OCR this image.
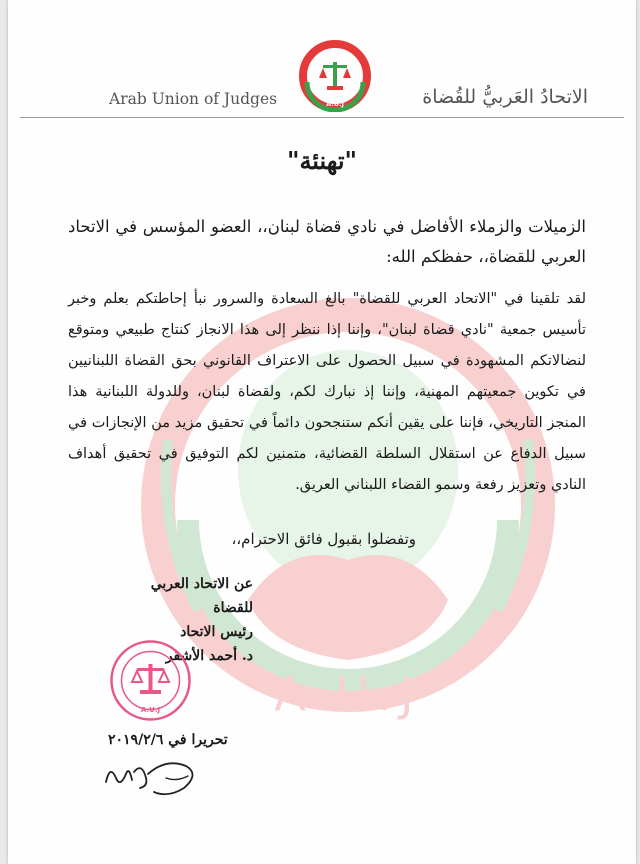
A.U.J
A.U.J
Arab Union of Judges	الاتحادُ العَربيُّ للقُضاة
"تهنئة"
الزميلات والزملاء الأفاضل في نادي قضاة لبنان،، العضو المؤسس في الاتحاد العربي للقضاة،، حفظكم الله:
لقد تلقينا في "الاتحاد العربي للقضاة" بالغ السعادة والسرور نبأ إحاطتكم بعلم وخبر تأسيس جمعية "نادي قضاة لبنان"، وإننا إذا ننظر إلى هذا الانجاز كنتاج طبيعي ومتوقع لنضالاتكم المشهودة في سبيل الحصول على الاعتراف القانوني بحق القضاة اللبنانيين في تكوين جمعيتهم المهنية، وإننا إذ نبارك لكم، ولقضاة لبنان، وللدولة اللبنانية هذا المنجز التاريخي، فإننا على يقين أنكم ستنجحون دائماً في تحقيق مزيد من الإنجازات في سبيل الدفاع عن استقلال السلطة القضائية، متمنين لكم التوفيق في تحقيق أهداف النادي وتعزيز رفعة وسمو القضاء اللبناني العريق.
وتفضلوا بقبول فائق الاحترام،،
عن الاتحاد العربي للقضاة
رئيس الاتحاد
د. أحمد الأشقر
A.U.J
تحريرا في ٢٠١٩/٢/٦
